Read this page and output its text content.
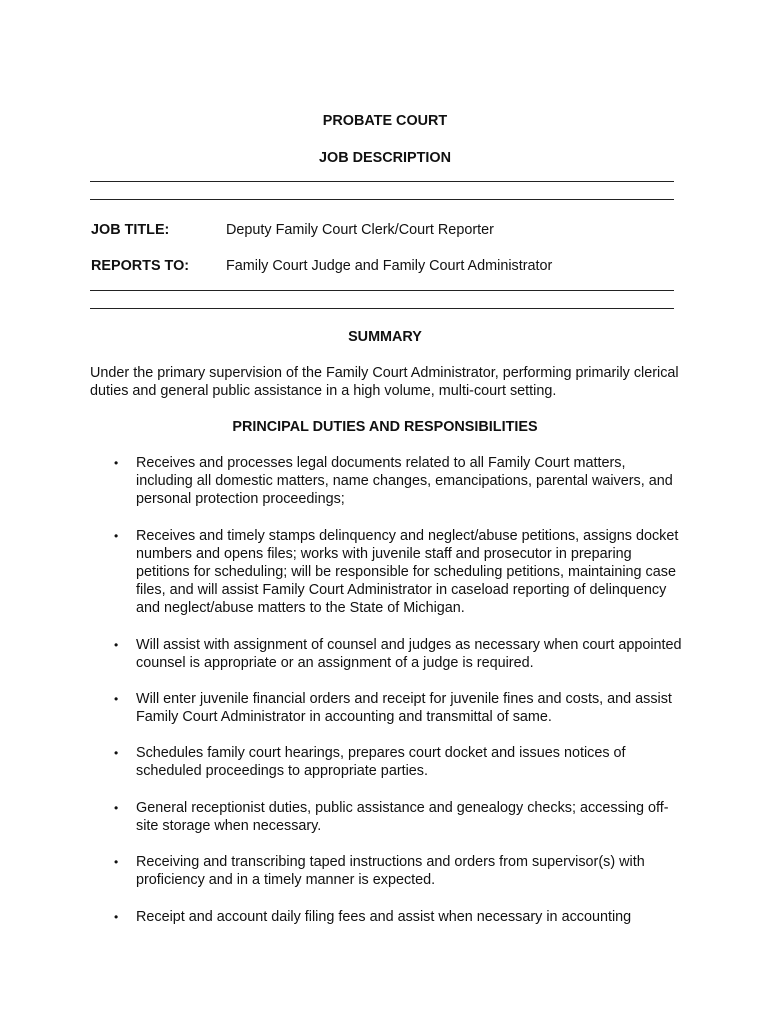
PROBATE COURT
JOB DESCRIPTION
JOB TITLE:	Deputy Family Court Clerk/Court Reporter
REPORTS TO:	Family Court Judge and Family Court Administrator
SUMMARY
Under the primary supervision of the Family Court Administrator, performing primarily clerical duties and general public assistance in a high volume, multi-court setting.
PRINCIPAL DUTIES AND RESPONSIBILITIES
• Receives and processes legal documents related to all Family Court matters, including all domestic matters, name changes, emancipations, parental waivers, and personal protection proceedings;
• Receives and timely stamps delinquency and neglect/abuse petitions, assigns docket numbers and opens files; works with juvenile staff and prosecutor in preparing petitions for scheduling; will be responsible for scheduling petitions, maintaining case files, and will assist Family Court Administrator in caseload reporting of delinquency and neglect/abuse matters to the State of Michigan.
• Will assist with assignment of counsel and judges as necessary when court appointed counsel is appropriate or an assignment of a judge is required.
• Will enter juvenile financial orders and receipt for juvenile fines and costs, and assist Family Court Administrator in accounting and transmittal of same.
• Schedules family court hearings, prepares court docket and issues notices of scheduled proceedings to appropriate parties.
• General receptionist duties, public assistance and genealogy checks; accessing off-site storage when necessary.
• Receiving and transcribing taped instructions and orders from supervisor(s) with proficiency and in a timely manner is expected.
• Receipt and account daily filing fees and assist when necessary in accounting
